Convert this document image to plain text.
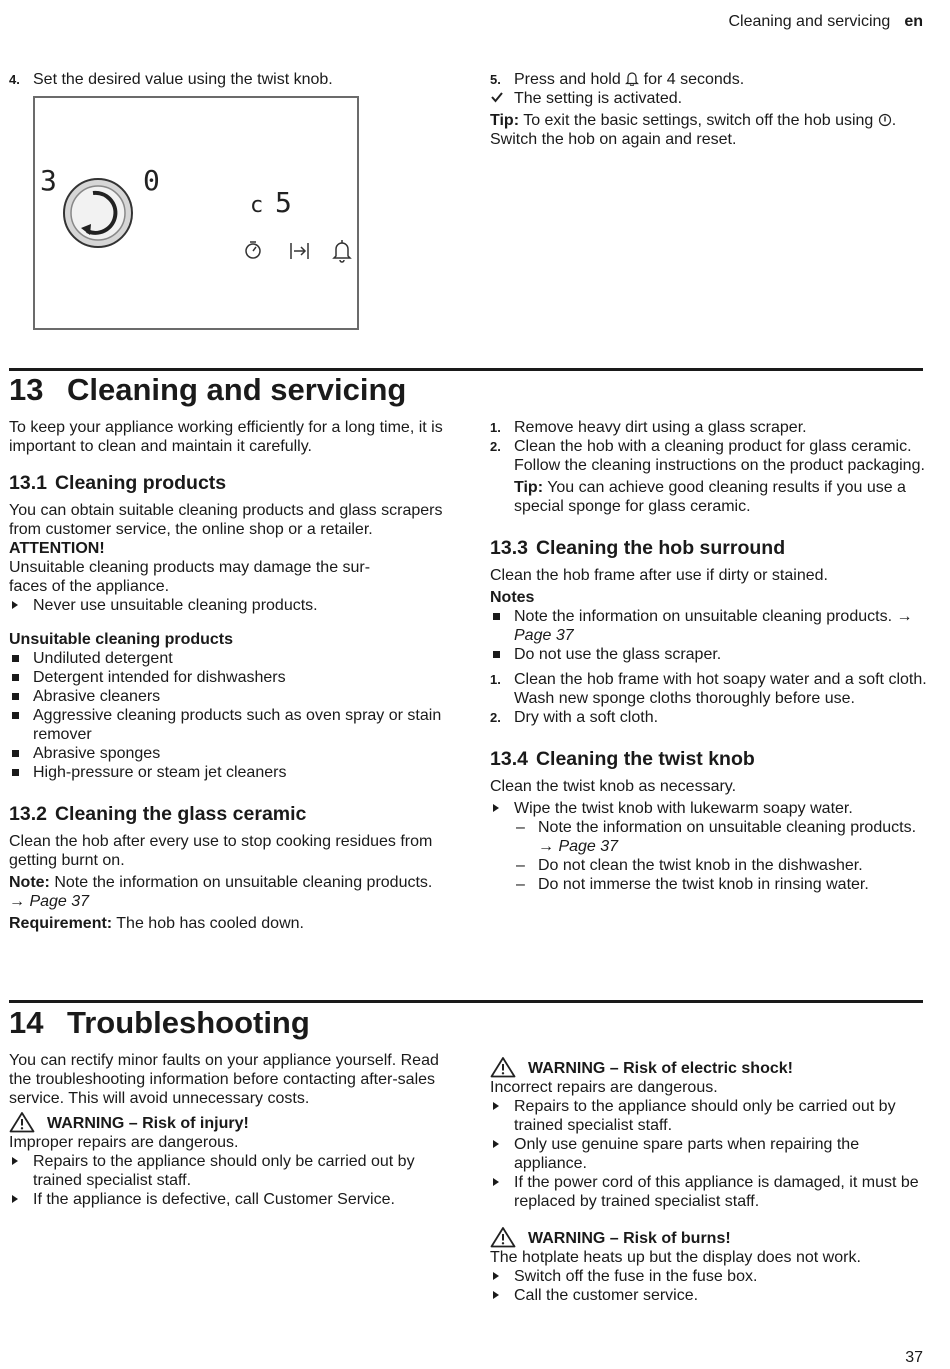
Cleaning and servicing en
4. Set the desired value using the twist knob.
3	0
c 5
5. Press and hold for 4 seconds.
The setting is activated.
Tip: To exit the basic settings, switch off the hob using . Switch the hob on again and reset.
13 Cleaning and servicing

To keep your appliance working efficiently for a long time, it is important to clean and maintain it carefully.

13.1 Cleaning products

You can obtain suitable cleaning products and glass scrapers from customer service, the online shop or a retailer.

ATTENTION!

Unsuitable cleaning products may damage the sur-

faces of the appliance.

Never use unsuitable cleaning products.

Unsuitable cleaning products

Undiluted detergent
Detergent intended for dishwashers
Abrasive cleaners
Aggressive cleaning products such as oven spray or stain remover
Abrasive sponges
High-pressure or steam jet cleaners
13.2 Cleaning the glass ceramic

Clean the hob after every use to stop cooking residues from getting burnt on.

Note: Note the information on unsuitable cleaning products. → Page 37

Requirement: The hob has cooled down.

1. Remove heavy dirt using a glass scraper.
2. Clean the hob with a cleaning product for glass ceramic.
Follow the cleaning instructions on the product packaging.
Tip: You can achieve good cleaning results if you use a special sponge for glass ceramic.
13.3 Cleaning the hob surround

Clean the hob frame after use if dirty or stained.

Notes

Note the information on unsuitable cleaning products. → Page 37
Do not use the glass scraper.
1. Clean the hob frame with hot soapy water and a soft cloth.
Wash new sponge cloths thoroughly before use.
2. Dry with a soft cloth.
13.4 Cleaning the twist knob

Clean the twist knob as necessary.

Wipe the twist knob with lukewarm soapy water.
– Note the information on unsuitable cleaning products. → Page 37
– Do not clean the twist knob in the dishwasher.
– Do not immerse the twist knob in rinsing water.
14 Troubleshooting

You can rectify minor faults on your appliance yourself. Read the troubleshooting information before contacting after-sales service. This will avoid unnecessary costs.

WARNING – Risk of injury!

Improper repairs are dangerous.

Repairs to the appliance should only be carried out by trained specialist staff.
If the appliance is defective, call Customer Service.
WARNING – Risk of electric shock!

Incorrect repairs are dangerous.

Repairs to the appliance should only be carried out by trained specialist staff.
Only use genuine spare parts when repairing the appliance.
If the power cord of this appliance is damaged, it must be replaced by trained specialist staff.
WARNING – Risk of burns!

The hotplate heats up but the display does not work.

Switch off the fuse in the fuse box.
Call the customer service.
37
